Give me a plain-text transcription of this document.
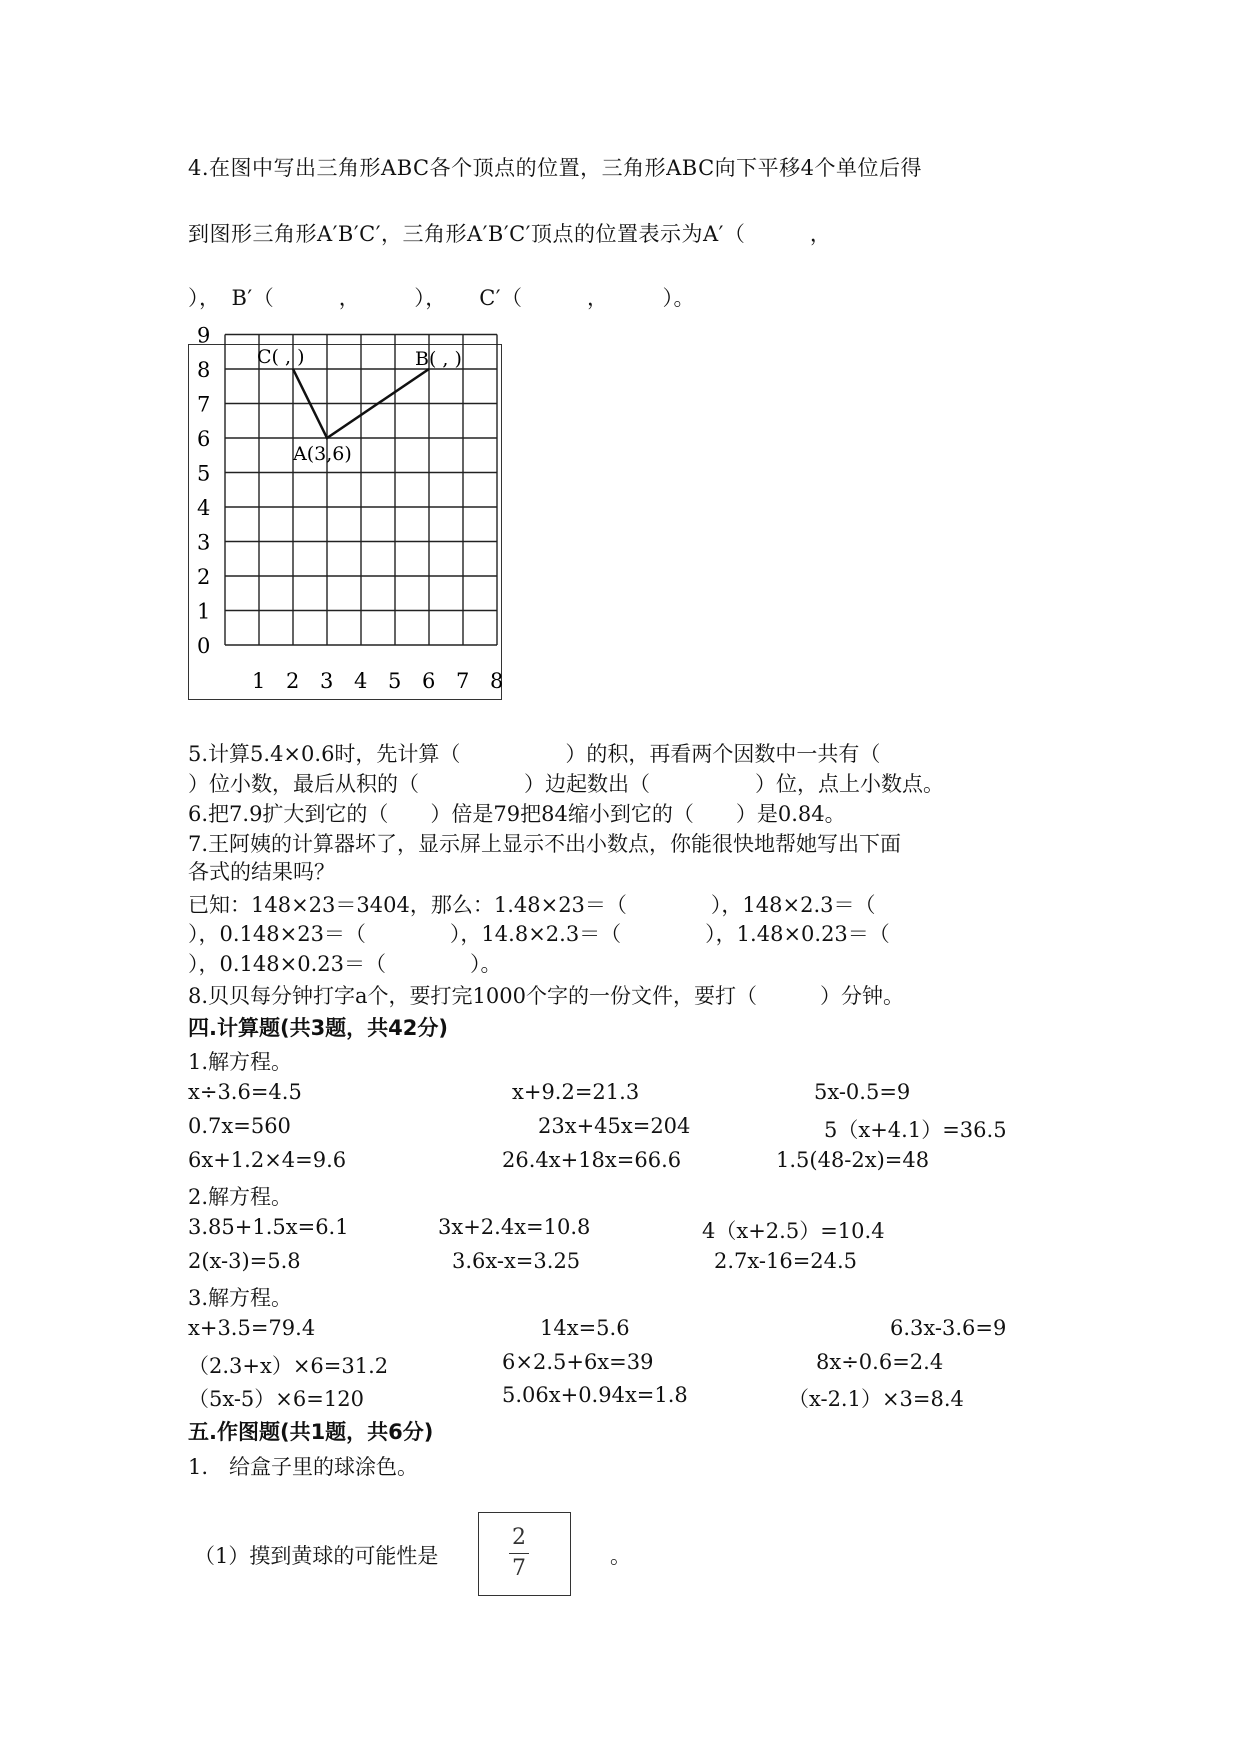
4.在图中写出三角形ABC各个顶点的位置，三角形ABC向下平移4个单位后得
到图形三角形A′B′C′，三角形A′B′C′顶点的位置表示为A′（　　　，
），　B′（　　　，　　　），　　C′（　　　，　　　）。
0
1
2
3
4
5
6
7
8
9
1 2 3 4 5 6 7 8
C( , )	B( , )
A(3,6)
5.计算5.4×0.6时，先计算（　　　　　）的积，再看两个因数中一共有（
）位小数，最后从积的（　　　　　）边起数出（　　　　　）位，点上小数点。
6.把7.9扩大到它的（　　）倍是79把84缩小到它的（　　）是0.84。
7.王阿姨的计算器坏了，显示屏上显示不出小数点，你能很快地帮她写出下面
各式的结果吗？
已知：148×23＝3404，那么：1.48×23＝（　　　　），148×2.3＝（
），0.148×23＝（　　　　），14.8×2.3＝（　　　　），1.48×0.23＝（
），0.148×0.23＝（　　　　）。
8.贝贝每分钟打字a个，要打完1000个字的一份文件，要打（　　　）分钟。
四.计算题(共3题，共42分)
1.解方程。
x÷3.6=4.5	x+9.2=21.3	5x-0.5=9
0.7x=560	23x+45x=204	5（x+4.1）=36.5
6x+1.2×4=9.6	26.4x+18x=66.6	1.5(48-2x)=48
2.解方程。
3.85+1.5x=6.1	3x+2.4x=10.8	4（x+2.5）=10.4
2(x-3)=5.8	3.6x-x=3.25	2.7x-16=24.5
3.解方程。
x+3.5=79.4	14x=5.6	6.3x-3.6=9
（2.3+x）×6=31.2	6×2.5+6x=39	8x÷0.6=2.4
（5x-5）×6=120	5.06x+0.94x=1.8	（x-2.1）×3=8.4
五.作图题(共1题，共6分)
1.　给盒子里的球涂色。
（1）摸到黄球的可能性是
2
7	。
